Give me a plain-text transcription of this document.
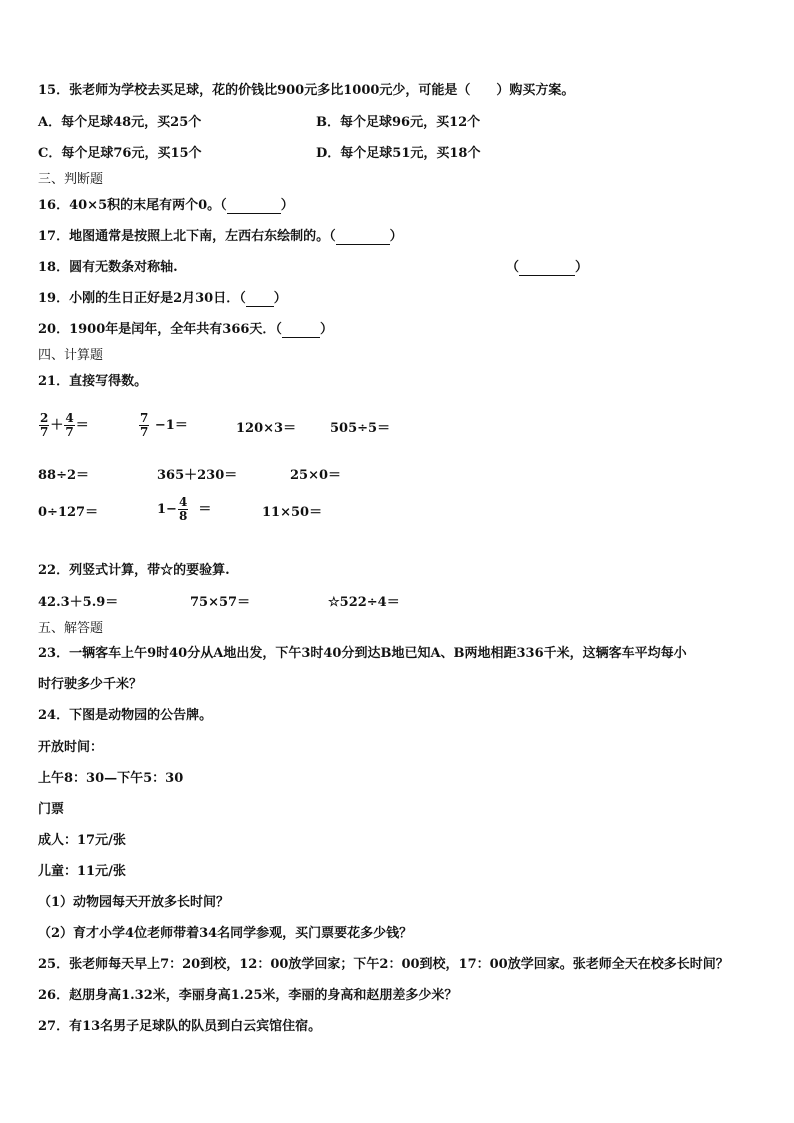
15．张老师为学校去买足球，花的价钱比900元多比1000元少，可能是（　　）购买方案。
A．每个足球48元，买25个	B．每个足球96元，买12个
C．每个足球76元，买15个	D．每个足球51元，买18个
三、判断题
16．40×5积的末尾有两个0。（	）
17．地图通常是按照上北下南，左西右东绘制的。（	）
18．圆有无数条对称轴.	（	）
19．小刚的生日正好是2月30日．（ ）
20．1900年是闰年，全年共有366天．（	）
四、计算题
21．直接写得数。
$\frac{2}{7} + \frac{4}{7}$ ＝	$\frac{7}{7} -1=$	120×3＝	505÷5＝
88÷2＝	365＋230＝	25×0＝
0÷127＝	$1- \frac{4}{8}$ ＝	11×50＝
22．列竖式计算，带☆的要验算.
42.3＋5.9＝	75×57＝	☆522÷4＝
五、解答题
23．一辆客车上午9时40分从A地出发，下午3时40分到达B地已知A、B两地相距336千米，这辆客车平均每小
时行驶多少千米？
24．下图是动物园的公告牌。
开放时间：
上午8：30—下午5：30
门票
成人：17元/张
儿童：11元/张
（1）动物园每天开放多长时间？
（2）育才小学4位老师带着34名同学参观，买门票要花多少钱？
25．张老师每天早上7：20到校，12：00放学回家；下午2：00到校，17：00放学回家。张老师全天在校多长时间？
26．赵朋身高1.32米，李丽身高1.25米，李丽的身高和赵朋差多少米？
27．有13名男子足球队的队员到白云宾馆住宿。
